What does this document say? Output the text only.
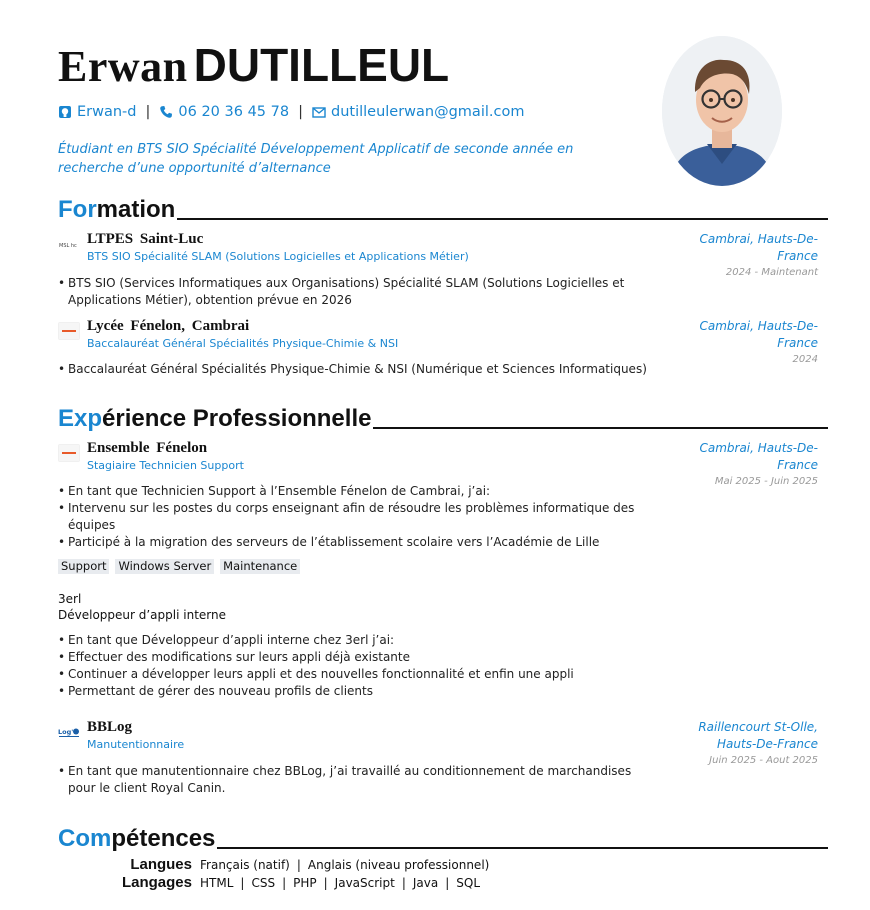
Erwan DUTILLEUL
Erwan-d | 06 20 36 45 78 | dutilleulerwan@gmail.com
Étudiant en BTS SIO Spécialité Développement Applicatif de seconde année en recherche d’une opportunité d’alternance
Formation
MSL hc LTPES Saint-Luc
BTS SIO Spécialité SLAM (Solutions Logicielles et Applications Métier)
Cambrai, Hauts-De-France
2024 - Maintenant
• BTS SIO (Services Informatiques aux Organisations) Spécialité SLAM (Solutions Logicielles et Applications Métier), obtention prévue en 2026
Lycée Fénelon, Cambrai
Baccalauréat Général Spécialités Physique-Chimie & NSI
Cambrai, Hauts-De-France
2024
• Baccalauréat Général Spécialités Physique-Chimie & NSI (Numérique et Sciences Informatiques)
Expérience Professionnelle
Ensemble Fénelon
Stagiaire Technicien Support
Cambrai, Hauts-De-France
Mai 2025 - Juin 2025
• En tant que Technicien Support à l’Ensemble Fénelon de Cambrai, j’ai:
• Intervenu sur les postes du corps enseignant afin de résoudre les problèmes informatique des équipes
• Participé à la migration des serveurs de l’établissement scolaire vers l’Académie de Lille
Support Windows Server Maintenance
3erl
Développeur d’appli interne
• En tant que Développeur d’appli interne chez 3erl j’ai:
• Effectuer des modifications sur leurs appli déjà existante
• Continuer a développer leurs appli et des nouvelles fonctionnalité et enfin une appli
• Permettant de gérer des nouveau profils de clients
Log' BBLog
Manutentionnaire
Raillencourt St-Olle, Hauts-De-France
Juin 2025 - Aout 2025
• En tant que manutentionnaire chez BBLog, j’ai travaillé au conditionnement de marchandises pour le client Royal Canin.
Compétences
Langues Français (natif) | Anglais (niveau professionnel)
Langages HTML | CSS | PHP | JavaScript | Java | SQL
